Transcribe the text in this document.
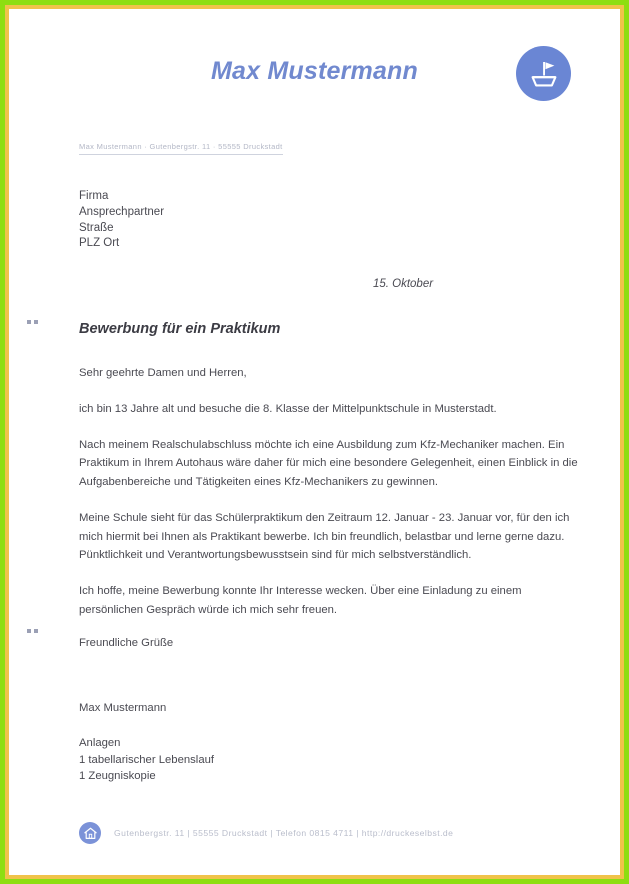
Max Mustermann
Max Mustermann · Gutenbergstr. 11 · 55555 Druckstadt
Firma
Ansprechpartner
Straße
PLZ Ort
15. Oktober
Bewerbung für ein Praktikum

Sehr geehrte Damen und Herren,

ich bin 13 Jahre alt und besuche die 8. Klasse der Mittelpunktschule in Musterstadt.

Nach meinem Realschulabschluss möchte ich eine Ausbildung zum Kfz-Mechaniker machen. Ein Praktikum in Ihrem Autohaus wäre daher für mich eine besondere Gelegenheit, einen Einblick in die Aufgabenbereiche und Tätigkeiten eines Kfz-Mechanikers zu gewinnen.

Meine Schule sieht für das Schülerpraktikum den Zeitraum 12. Januar - 23. Januar vor, für den ich mich hiermit bei Ihnen als Praktikant bewerbe. Ich bin freundlich, belastbar und lerne gerne dazu. Pünktlichkeit und Verantwortungsbewusstsein sind für mich selbstverständlich.

Ich hoffe, meine Bewerbung konnte Ihr Interesse wecken. Über eine Einladung zu einem persönlichen Gespräch würde ich mich sehr freuen.

Freundliche Grüße
Max Mustermann
Anlagen
1 tabellarischer Lebenslauf
1 Zeugniskopie
Gutenbergstr. 11 | 55555 Druckstadt | Telefon 0815 4711 | http://druckeselbst.de
